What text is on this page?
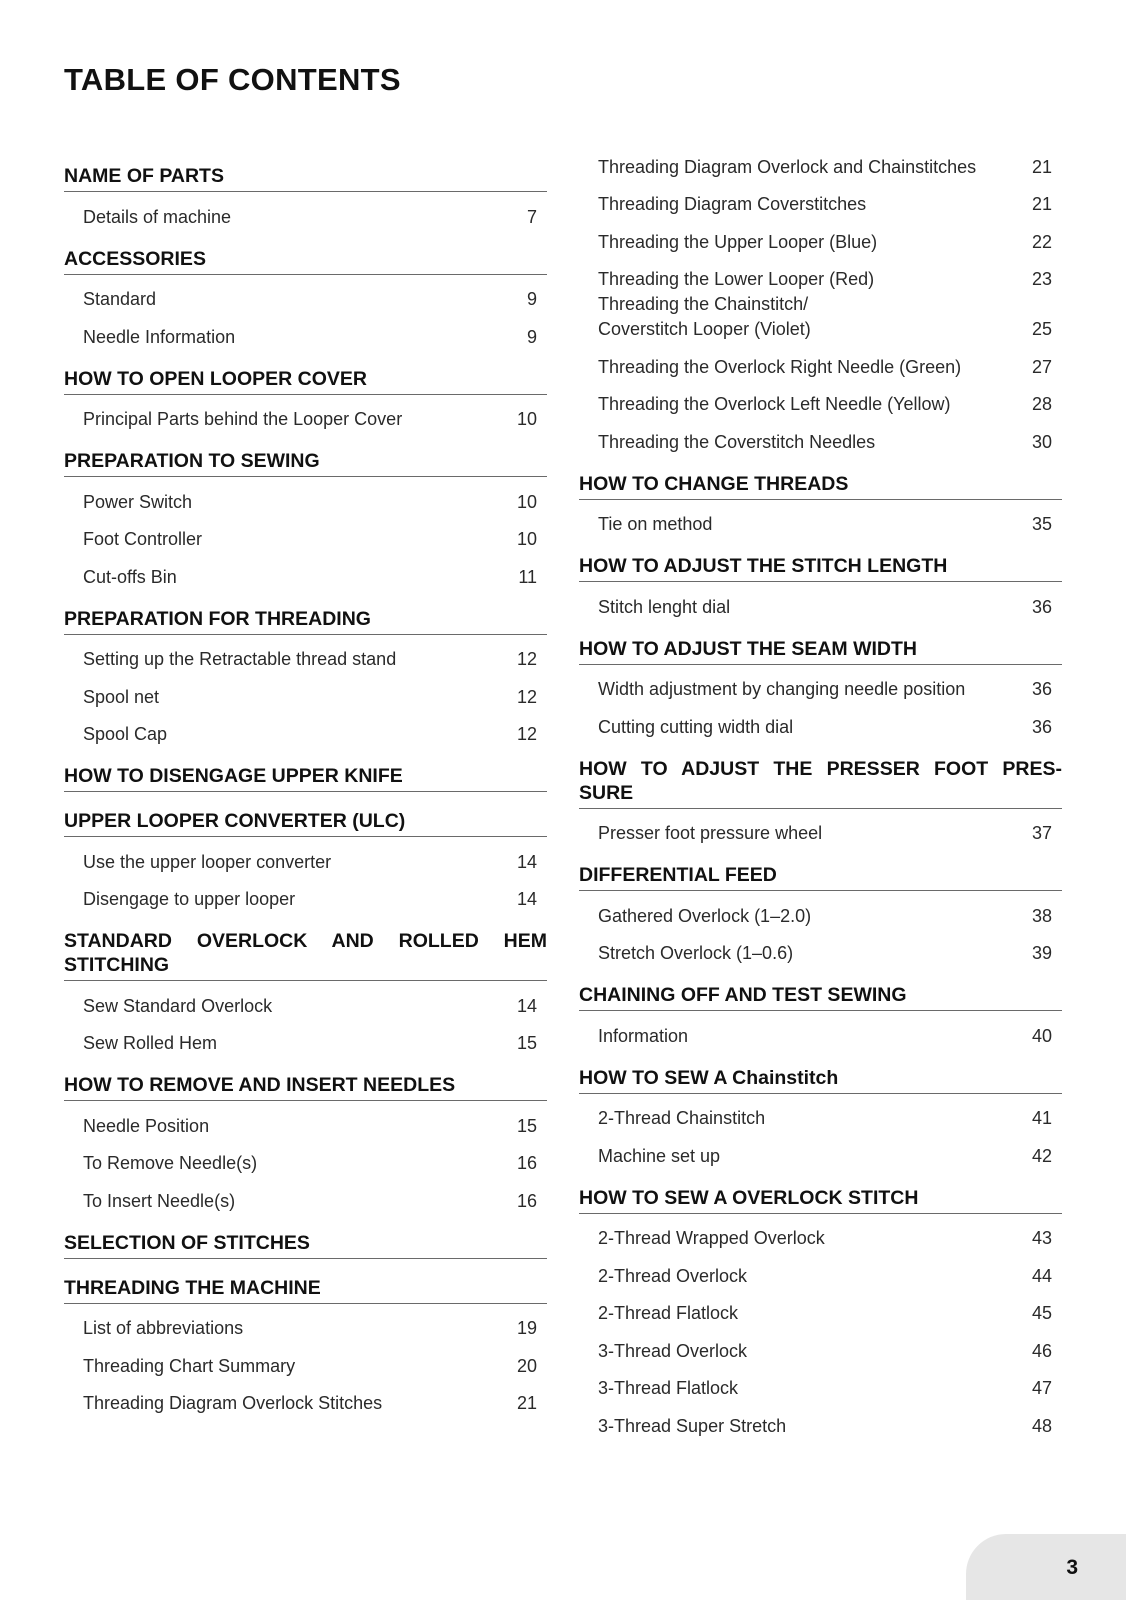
TABLE OF CONTENTS
NAME OF PARTS
Details of machine	7
ACCESSORIES
Standard	9
Needle Information	9
HOW TO OPEN LOOPER COVER
Principal Parts behind the Looper Cover	10
PREPARATION TO SEWING
Power Switch	10
Foot Controller	10
Cut-offs Bin	11
PREPARATION FOR THREADING
Setting up the Retractable thread stand	12
Spool net	12
Spool Cap	12
HOW TO DISENGAGE UPPER KNIFE
UPPER LOOPER CONVERTER (ULC)
Use the upper looper converter	14
Disengage to upper looper	14
STANDARD OVERLOCK AND ROLLED HEM STITCHING
Sew Standard Overlock	14
Sew Rolled Hem	15
HOW TO REMOVE AND INSERT NEEDLES
Needle Position	15
To Remove Needle(s)	16
To Insert Needle(s)	16
SELECTION OF STITCHES
THREADING THE MACHINE
List of abbreviations	19
Threading Chart Summary	20
Threading Diagram Overlock Stitches	21
Threading Diagram Overlock and Chainstitches	21
Threading Diagram Coverstitches	21
Threading the Upper Looper (Blue)	22
Threading the Lower Looper (Red)	23
Threading the Chainstitch/
Coverstitch Looper (Violet)	25
Threading the Overlock Right Needle (Green)	27
Threading the Overlock Left Needle (Yellow)	28
Threading the Coverstitch Needles	30
HOW TO CHANGE THREADS
Tie on method	35
HOW TO ADJUST THE STITCH LENGTH
Stitch lenght dial	36
HOW TO ADJUST THE SEAM WIDTH
Width adjustment by changing needle position	36
Cutting cutting width dial	36
HOW TO ADJUST THE PRESSER FOOT PRES-SURE
Presser foot pressure wheel	37
DIFFERENTIAL FEED
Gathered Overlock (1–2.0)	38
Stretch Overlock (1–0.6)	39
CHAINING OFF AND TEST SEWING
Information	40
HOW TO SEW A Chainstitch
2-Thread Chainstitch	41
Machine set up	42
HOW TO SEW A OVERLOCK STITCH
2-Thread Wrapped Overlock	43
2-Thread Overlock	44
2-Thread Flatlock	45
3-Thread Overlock	46
3-Thread Flatlock	47
3-Thread Super Stretch	48
3
